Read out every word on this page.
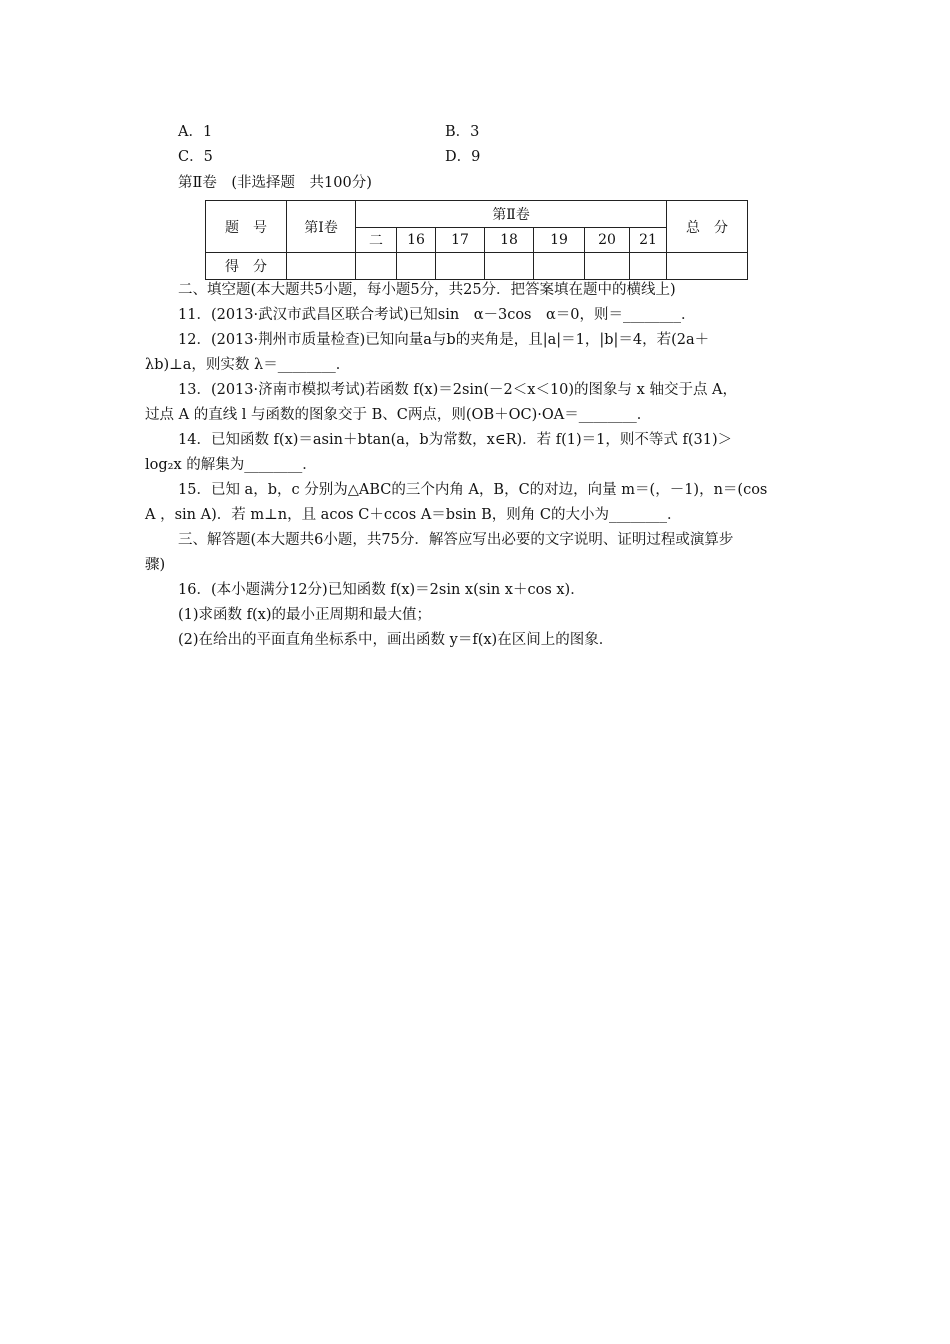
A．1	B．3
C．5	D．9
第Ⅱ卷　(非选择题　共100分)
题　号	第Ⅰ卷	第Ⅱ卷							总　分
		二	16	17	18	19	20	21	
得　分									
二、填空题(本大题共5小题，每小题5分，共25分．把答案填在题中的横线上)
11．(2013·武汉市武昌区联合考试)已知sin　α－3cos　α＝0，则＝________．
12．(2013·荆州市质量检查)已知向量a与b的夹角是，且|a|＝1，|b|＝4，若(2a＋
λb)⊥a，则实数 λ＝________．
13．(2013·济南市模拟考试)若函数 f(x)＝2sin(－2＜x＜10)的图象与 x 轴交于点 A，
过点 A 的直线 l 与函数的图象交于 B、C两点，则(OB＋OC)·OA＝________．
14．已知函数 f(x)＝asin＋btan(a，b为常数，x∈R)．若 f(1)＝1，则不等式 f(31)＞
log₂x 的解集为________．
15．已知 a，b，c 分别为△ABC的三个内角 A，B，C的对边，向量 m＝(，－1)，n＝(cos
A ，sin A)．若 m⊥n，且 acos C＋ccos A＝bsin B，则角 C的大小为________．
三、解答题(本大题共6小题，共75分．解答应写出必要的文字说明、证明过程或演算步
骤)
16．(本小题满分12分)已知函数 f(x)＝2sin x(sin x＋cos x)．
(1)求函数 f(x)的最小正周期和最大值；
(2)在给出的平面直角坐标系中，画出函数 y＝f(x)在区间上的图象．
